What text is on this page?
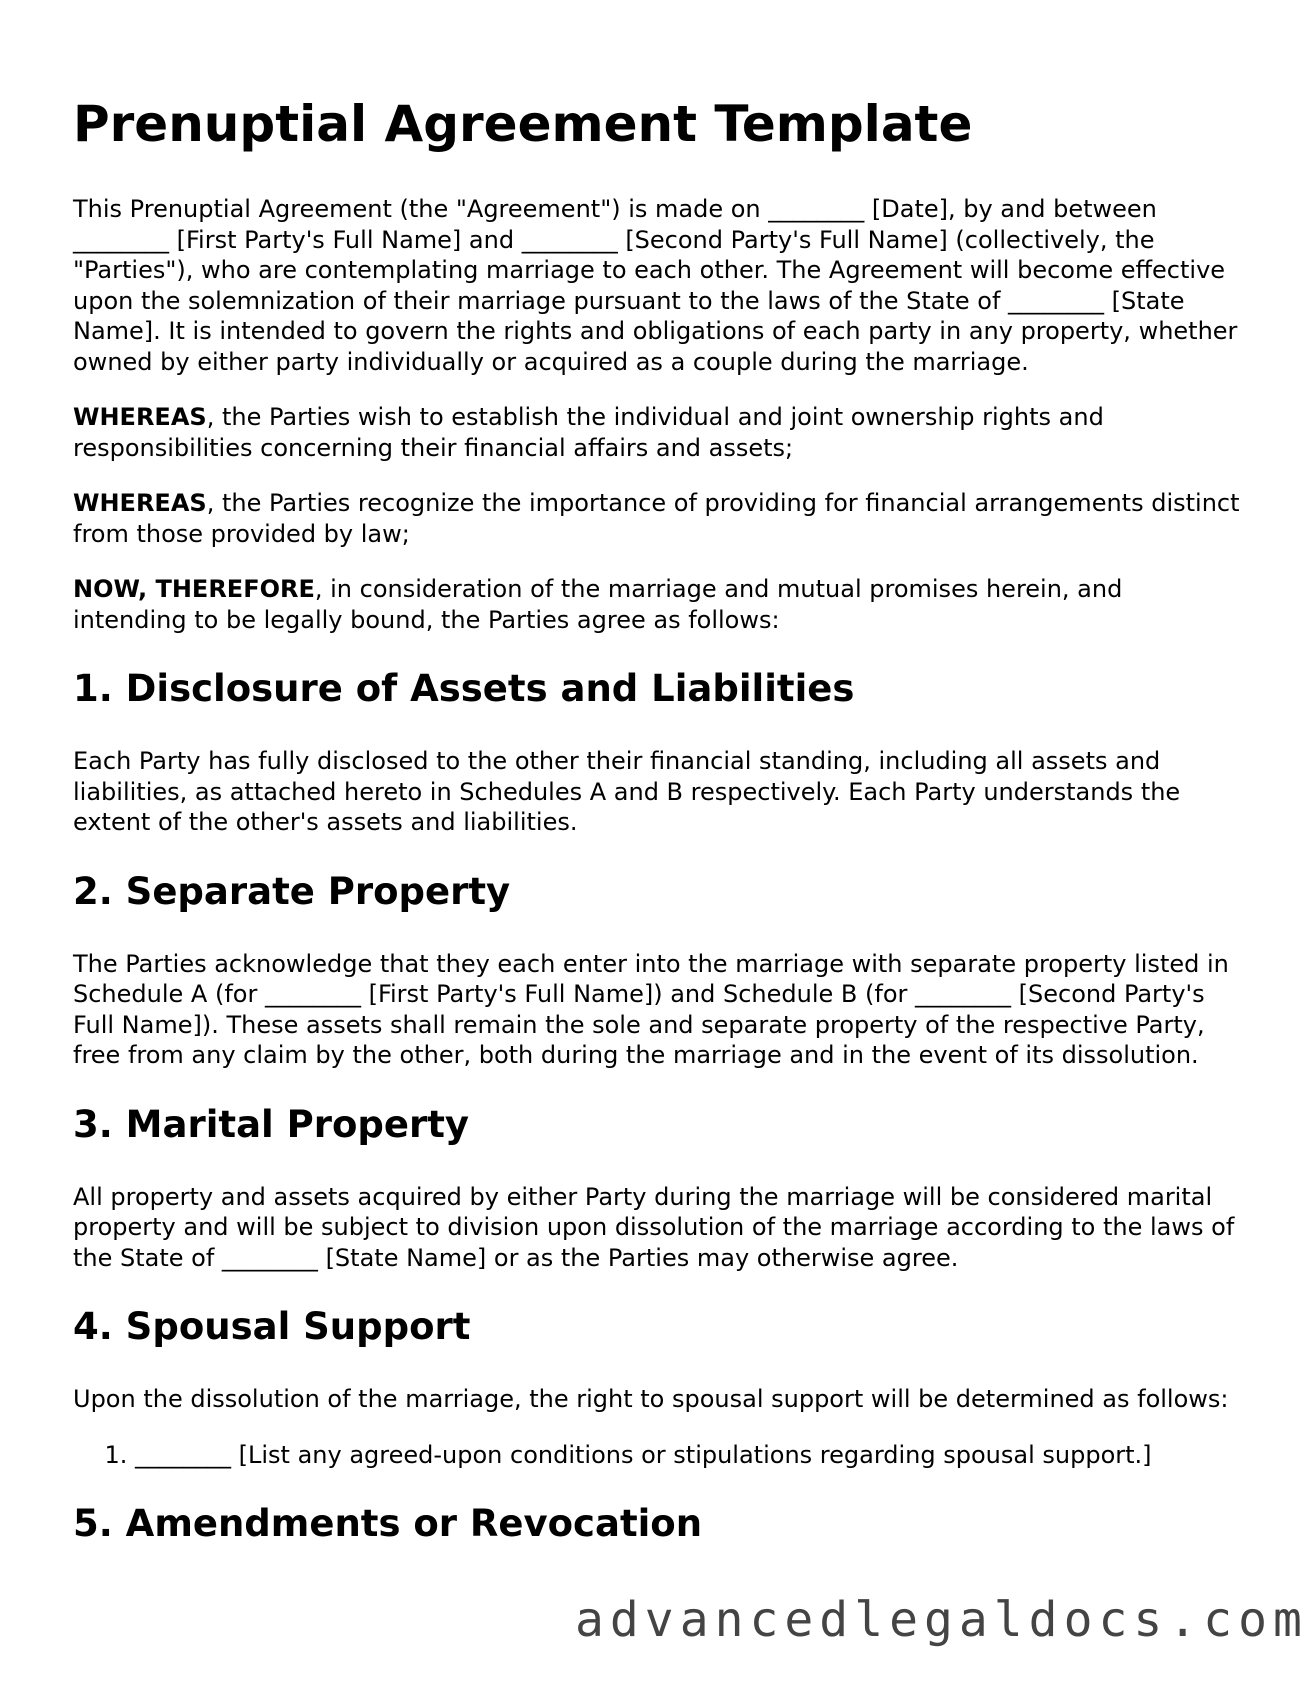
Prenuptial Agreement Template

This Prenuptial Agreement (the "Agreement") is made on ________ [Date], by and between ________ [First Party's Full Name] and ________ [Second Party's Full Name] (collectively, the "Parties"), who are contemplating marriage to each other. The Agreement will become effective upon the solemnization of their marriage pursuant to the laws of the State of ________ [State Name]. It is intended to govern the rights and obligations of each party in any property, whether owned by either party individually or acquired as a couple during the marriage.

WHEREAS, the Parties wish to establish the individual and joint ownership rights and responsibilities concerning their financial affairs and assets;

WHEREAS, the Parties recognize the importance of providing for financial arrangements distinct from those provided by law;

NOW, THEREFORE, in consideration of the marriage and mutual promises herein, and intending to be legally bound, the Parties agree as follows:

1. Disclosure of Assets and Liabilities

Each Party has fully disclosed to the other their financial standing, including all assets and liabilities, as attached hereto in Schedules A and B respectively. Each Party understands the extent of the other's assets and liabilities.

2. Separate Property

The Parties acknowledge that they each enter into the marriage with separate property listed in Schedule A (for ________ [First Party's Full Name]) and Schedule B (for ________ [Second Party's Full Name]). These assets shall remain the sole and separate property of the respective Party, free from any claim by the other, both during the marriage and in the event of its dissolution.

3. Marital Property

All property and assets acquired by either Party during the marriage will be considered marital property and will be subject to division upon dissolution of the marriage according to the laws of the State of ________ [State Name] or as the Parties may otherwise agree.

4. Spousal Support

Upon the dissolution of the marriage, the right to spousal support will be determined as follows:

1. ________ [List any agreed-upon conditions or stipulations regarding spousal support.]
5. Amendments or Revocation
advancedlegaldocs.com
